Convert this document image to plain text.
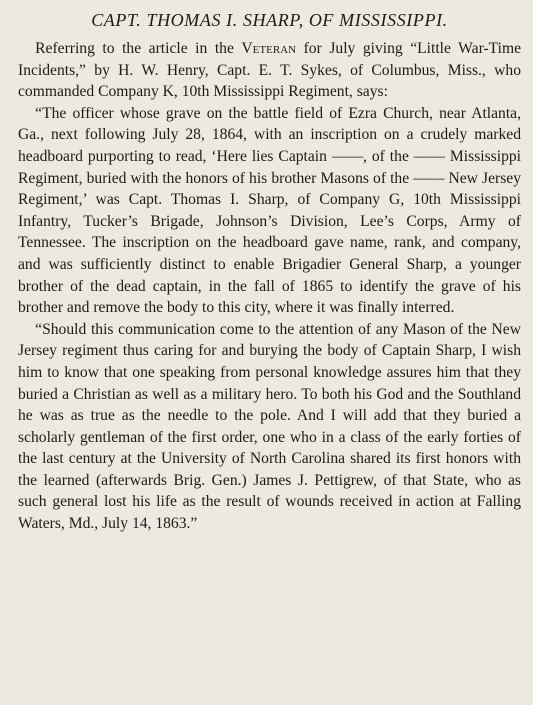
CAPT. THOMAS I. SHARP, OF MISSISSIPPI.

Referring to the article in the Veteran for July giving “Little War-Time Incidents,” by H. W. Henry, Capt. E. T. Sykes, of Columbus, Miss., who commanded Company K, 10th Mississippi Regiment, says:

“The officer whose grave on the battle field of Ezra Church, near Atlanta, Ga., next following July 28, 1864, with an inscription on a crudely marked headboard purporting to read, ‘Here lies Captain ——, of the —— Mississippi Regiment, buried with the honors of his brother Masons of the —— New Jersey Regiment,’ was Capt. Thomas I. Sharp, of Company G, 10th Mississippi Infantry, Tucker’s Brigade, Johnson’s Division, Lee’s Corps, Army of Tennessee. The inscription on the headboard gave name, rank, and company, and was sufficiently distinct to enable Brigadier General Sharp, a younger brother of the dead captain, in the fall of 1865 to identify the grave of his brother and remove the body to this city, where it was finally interred.

“Should this communication come to the attention of any Mason of the New Jersey regiment thus caring for and burying the body of Captain Sharp, I wish him to know that one speaking from personal knowledge assures him that they buried a Christian as well as a military hero. To both his God and the Southland he was as true as the needle to the pole. And I will add that they buried a scholarly gentleman of the first order, one who in a class of the early forties of the last century at the University of North Carolina shared its first honors with the learned (afterwards Brig. Gen.) James J. Pettigrew, of that State, who as such general lost his life as the result of wounds received in action at Falling Waters, Md., July 14, 1863.”
